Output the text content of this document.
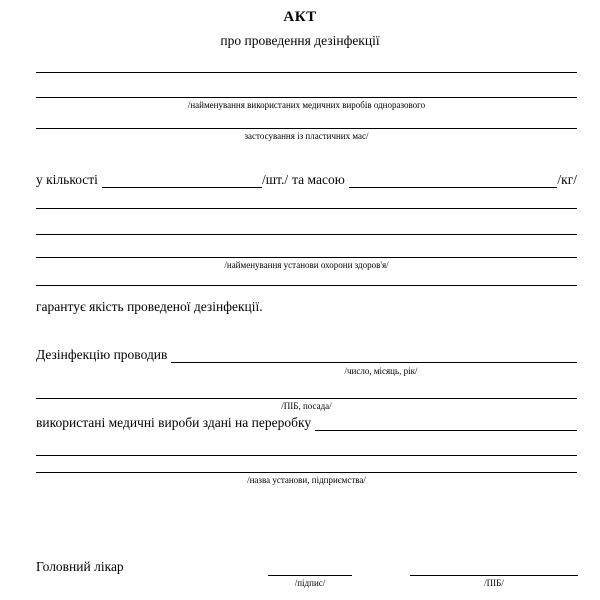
АКТ
про проведення дезінфекції
/найменування використаних медичних виробів одноразового
застосування із пластичних мас/
у кількості	/шт./ та масою	/кг/
/найменування установи охорони здоров'я/
гарантує якість проведеної дезінфекції.
Дезінфекцію проводив
/число, місяць, рік/
/ПІБ, посада/
використані медичні вироби здані на переробку
/назва установи, підприємства/
Головний лікар
/підпис/	/ПІБ/
